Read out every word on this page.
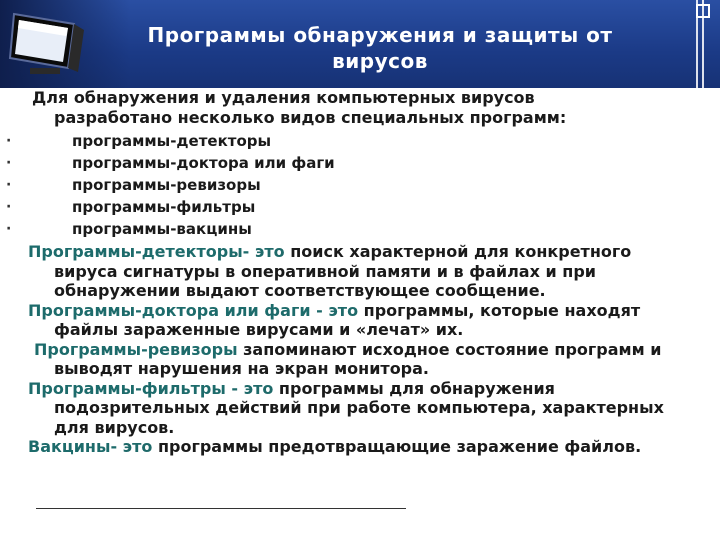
Программы обнаружения и защиты от
вирусов

Для обнаружения и удаления компьютерных вирусов
разработано несколько видов специальных программ:

·	программы-детекторы
·	программы-доктора или фаги
·	программы-ревизоры
·	программы-фильтры
·	программы-вакцины

Программы-детекторы- это поиск характерной для конкретного вируса сигнатуры в оперативной памяти и в файлах и при обнаружении выдают соответствующее сообщение.

Программы-доктора или фаги - это программы, которые находят файлы зараженные вирусами и «лечат» их.

Программы-ревизоры запоминают исходное состояние программ и выводят нарушения на экран монитора.

Программы-фильтры - это программы для обнаружения подозрительных действий при работе компьютера, характерных для вирусов.

Вакцины- это программы предотвращающие заражение файлов.
